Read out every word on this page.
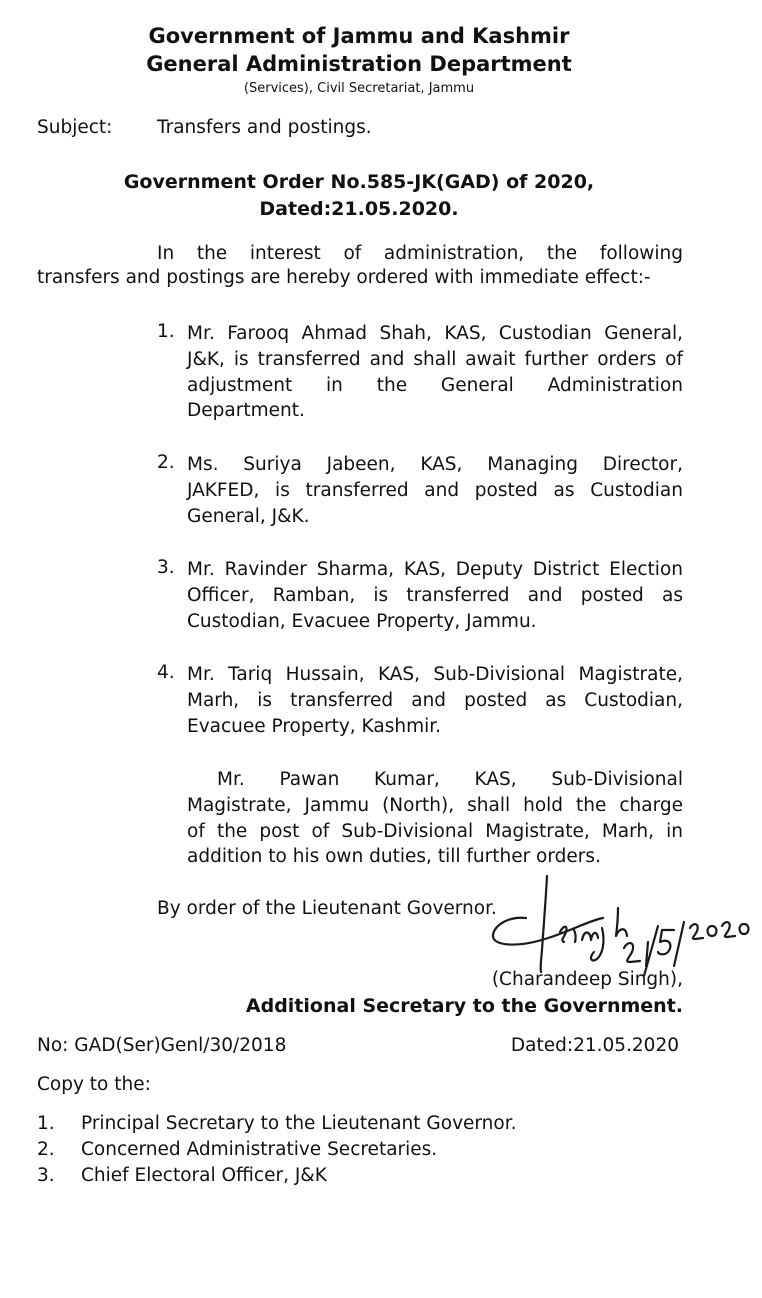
Government of Jammu and Kashmir
General Administration Department
(Services), Civil Secretariat, Jammu
Subject: Transfers and postings.
Government Order No.585-JK(GAD) of 2020,
Dated:21.05.2020.
In the interest of administration, the following
transfers and postings are hereby ordered with immediate effect:-
1. Mr. Farooq Ahmad Shah, KAS, Custodian General,
J&K, is transferred and shall await further orders of
adjustment in the General Administration
Department.
2. Ms. Suriya Jabeen, KAS, Managing Director,
JAKFED, is transferred and posted as Custodian
General, J&K.
3. Mr. Ravinder Sharma, KAS, Deputy District Election
Officer, Ramban, is transferred and posted as
Custodian, Evacuee Property, Jammu.
4. Mr. Tariq Hussain, KAS, Sub-Divisional Magistrate,
Marh, is transferred and posted as Custodian,
Evacuee Property, Kashmir.
Mr. Pawan Kumar, KAS, Sub-Divisional
Magistrate, Jammu (North), shall hold the charge
of the post of Sub-Divisional Magistrate, Marh, in
addition to his own duties, till further orders.
By order of the Lieutenant Governor.
(Charandeep Singh),
Additional Secretary to the Government.
No: GAD(Ser)Genl/30/2018	Dated:21.05.2020
Copy to the:
1. Principal Secretary to the Lieutenant Governor.
2. Concerned Administrative Secretaries.
3. Chief Electoral Officer, J&K
